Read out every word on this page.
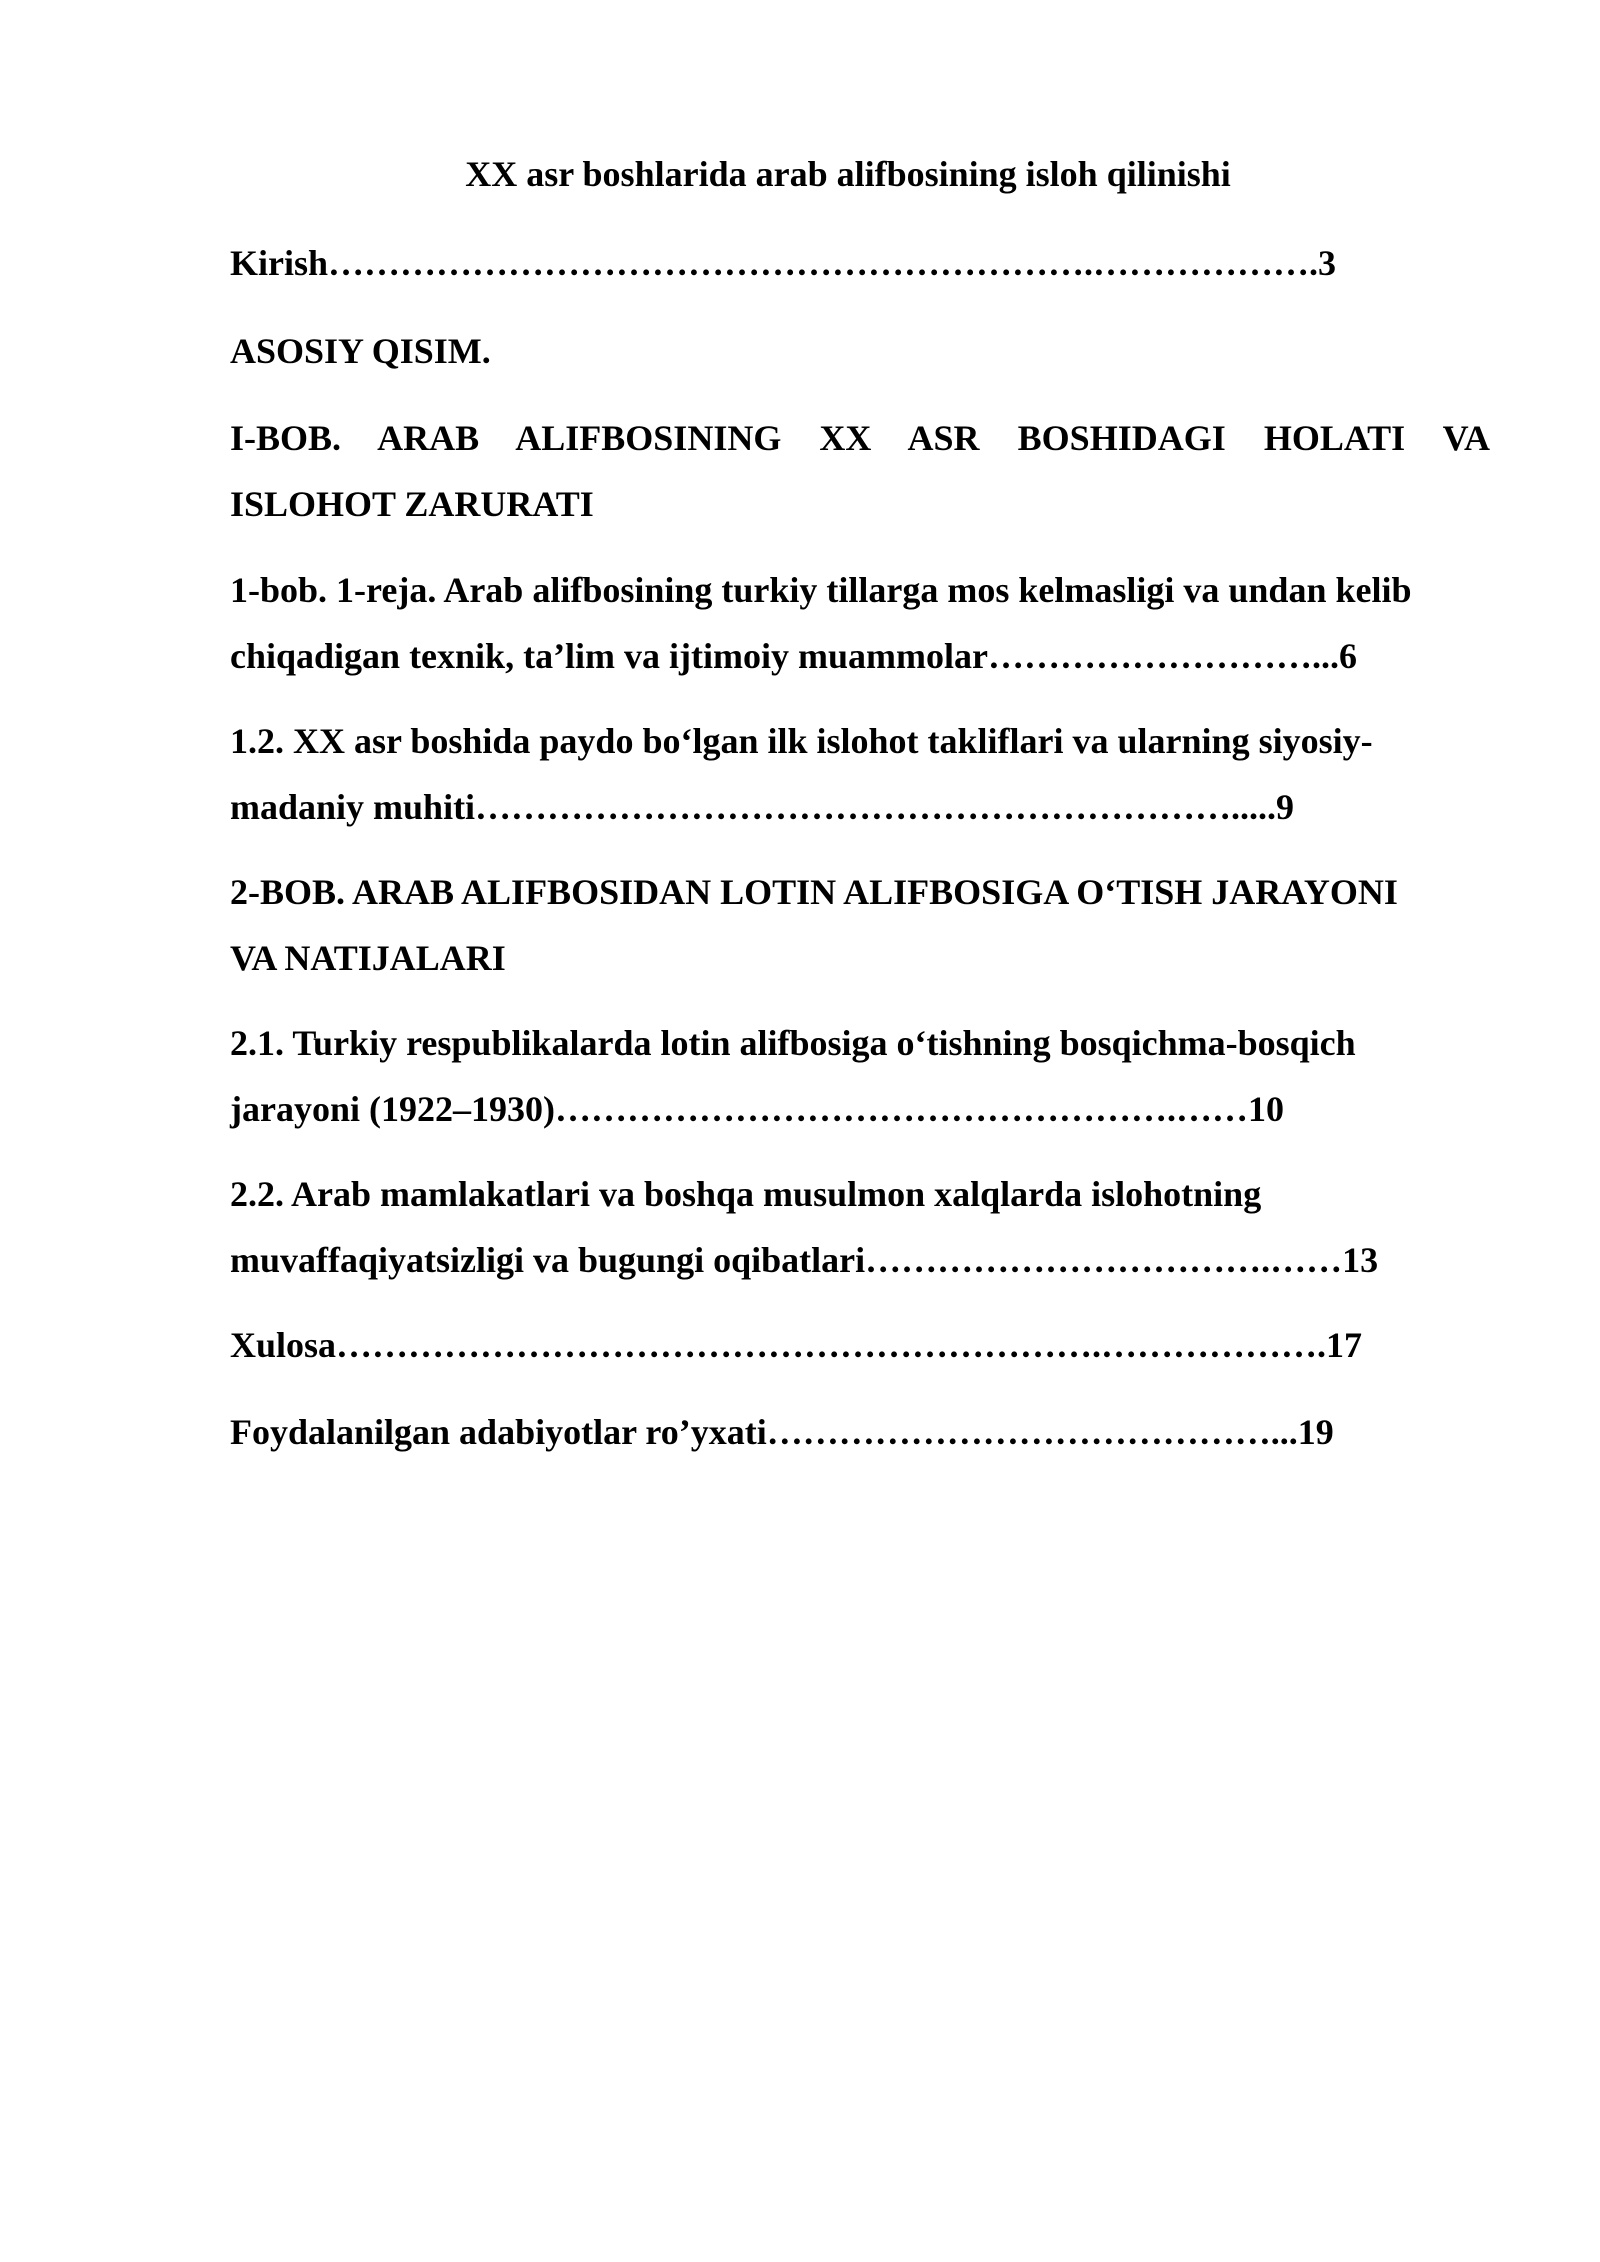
XX asr boshlarida arab alifbosining isloh qilinishi
Kirish……………………………………………………….……………….3
ASOSIY QISIM.
I-BOB. ARAB ALIFBOSINING XX ASR BOSHIDAGI HOLATI VA
ISLOHOT ZARURATI
1-bob. 1-reja. Arab alifbosining turkiy tillarga mos kelmasligi va undan kelib
chiqadigan texnik, ta’lim va ijtimoiy muammolar………………………...6
1.2. XX asr boshida paydo bo‘lgan ilk islohot takliflari va ularning siyosiy-
madaniy muhiti……………………………………………………….....9
2-BOB. ARAB ALIFBOSIDAN LOTIN ALIFBOSIGA O‘TISH JARAYONI
VA NATIJALARI
2.1. Turkiy respublikalarda lotin alifbosiga o‘tishning bosqichma-bosqich
jarayoni (1922–1930)…………………………………………….……10
2.2. Arab mamlakatlari va boshqa musulmon xalqlarda islohotning
muvaffaqiyatsizligi va bugungi oqibatlari…………………………….……13
Xulosa……………………………………………………….……………….17
Foydalanilgan adabiyotlar ro’yxati……………………………………...19
